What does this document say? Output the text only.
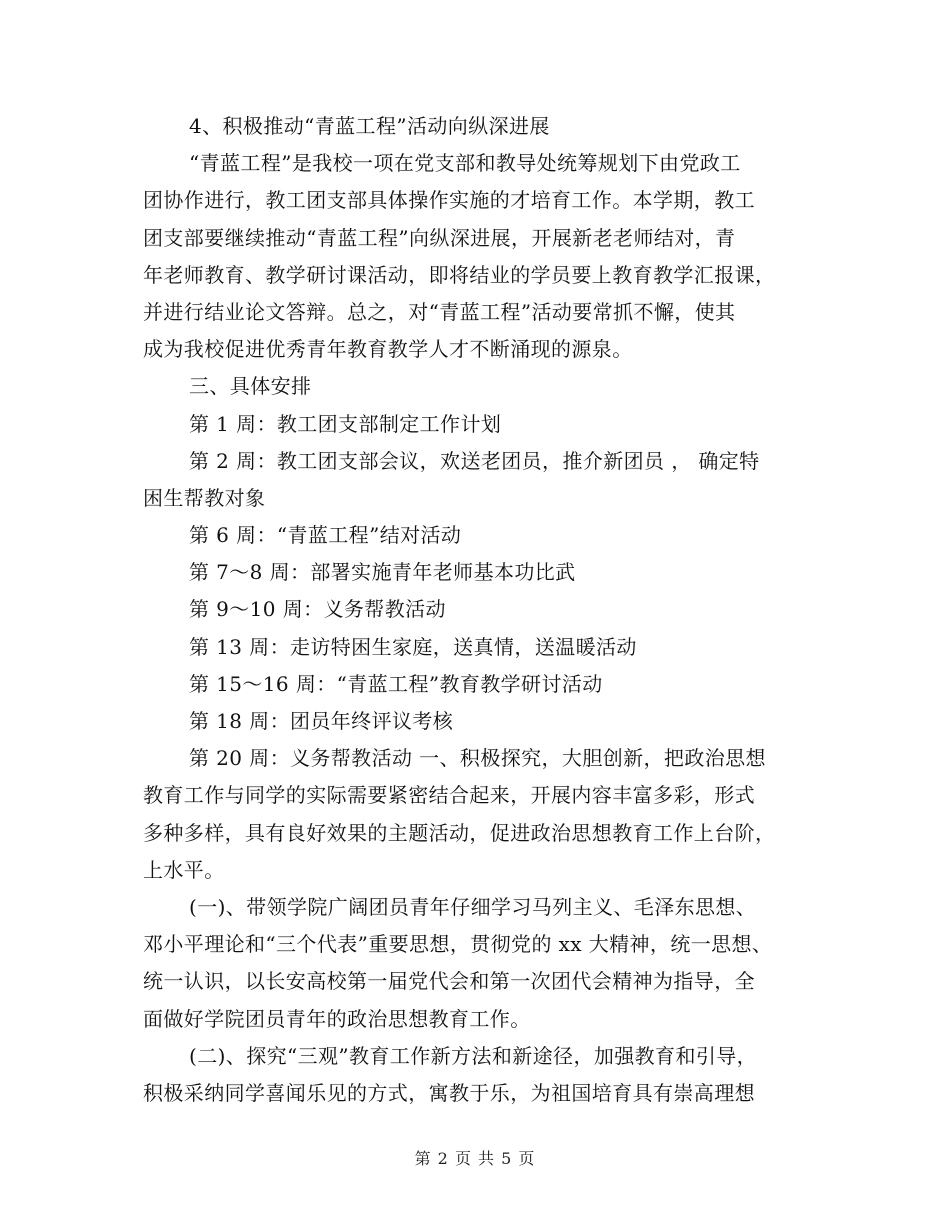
4、积极推动“青蓝工程”活动向纵深进展
“青蓝工程”是我校一项在党支部和教导处统筹规划下由党政工
团协作进行，教工团支部具体操作实施的才培育工作。本学期，教工
团支部要继续推动“青蓝工程”向纵深进展，开展新老老师结对，青
年老师教育、教学研讨课活动，即将结业的学员要上教育教学汇报课，
并进行结业论文答辩。总之，对“青蓝工程”活动要常抓不懈，使其
成为我校促进优秀青年教育教学人才不断涌现的源泉。
三、具体安排
第 1 周：教工团支部制定工作计划
第 2 周：教工团支部会议，欢送老团员，推介新团员 ， 确定特
困生帮教对象
第 6 周：“青蓝工程”结对活动
第 7～8 周：部署实施青年老师基本功比武
第 9～10 周：义务帮教活动
第 13 周：走访特困生家庭，送真情，送温暖活动
第 15～16 周：“青蓝工程”教育教学研讨活动
第 18 周：团员年终评议考核
第 20 周：义务帮教活动 一、积极探究，大胆创新，把政治思想
教育工作与同学的实际需要紧密结合起来，开展内容丰富多彩，形式
多种多样，具有良好效果的主题活动，促进政治思想教育工作上台阶，
上水平。
(一)、带领学院广阔团员青年仔细学习马列主义、毛泽东思想、
邓小平理论和“三个代表”重要思想，贯彻党的 xx 大精神，统一思想、
统一认识，以长安高校第一届党代会和第一次团代会精神为指导，全
面做好学院团员青年的政治思想教育工作。
(二)、探究“三观”教育工作新方法和新途径，加强教育和引导，
积极采纳同学喜闻乐见的方式，寓教于乐，为祖国培育具有崇高理想
第 2 页 共 5 页
